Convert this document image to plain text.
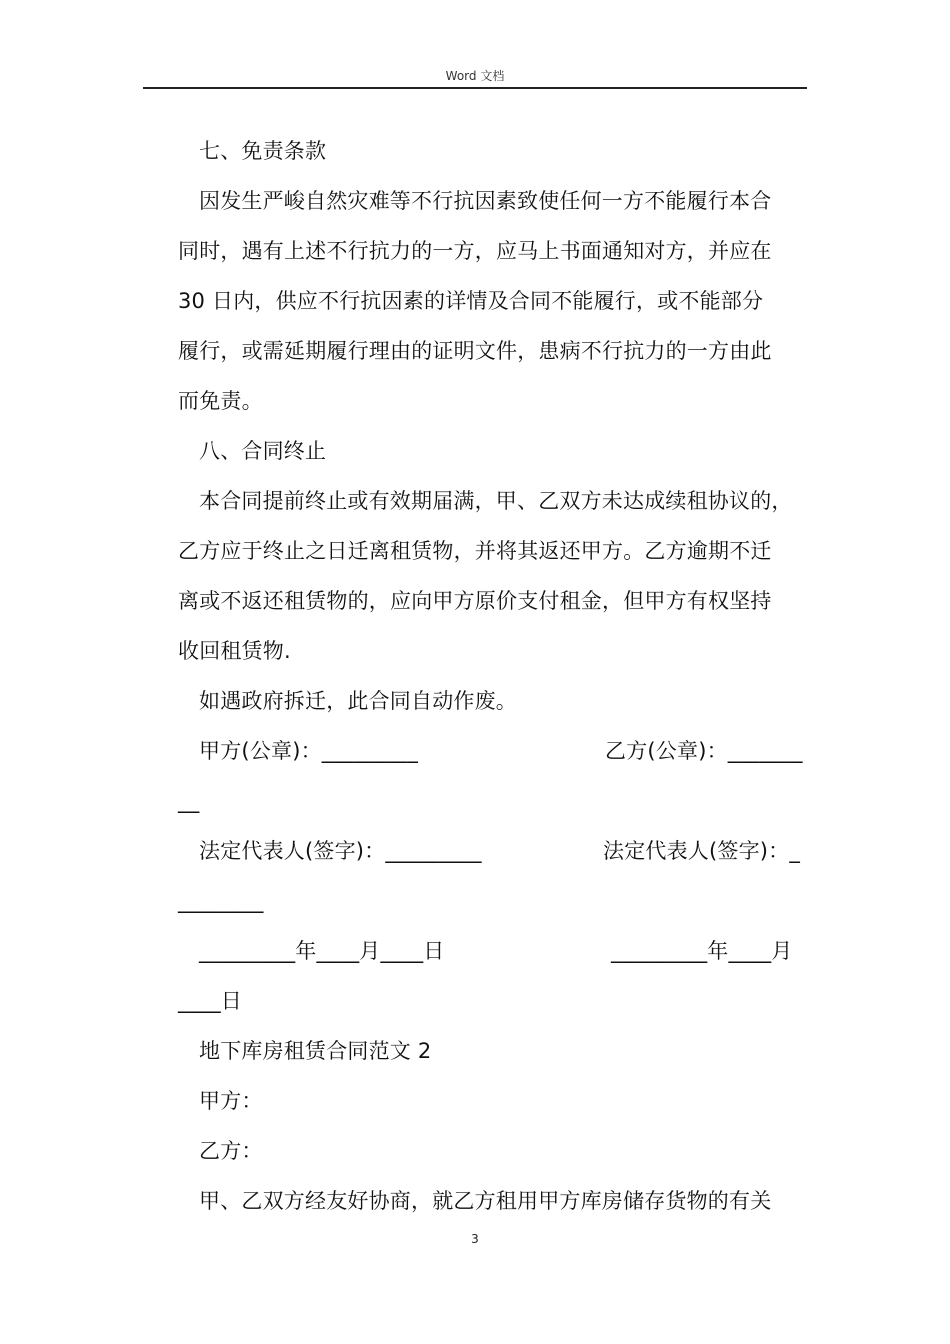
Word 文档
七、免责条款
因发生严峻自然灾难等不行抗因素致使任何一方不能履行本合
同时，遇有上述不行抗力的一方，应马上书面通知对方，并应在
30 日内，供应不行抗因素的详情及合同不能履行，或不能部分
履行，或需延期履行理由的证明文件，患病不行抗力的一方由此
而免责。
八、合同终止
本合同提前终止或有效期届满，甲、乙双方未达成续租协议的，
乙方应于终止之日迁离租赁物，并将其返还甲方。乙方逾期不迁
离或不返还租赁物的，应向甲方原价支付租金，但甲方有权坚持
收回租赁物.
如遇政府拆迁，此合同自动作废。
甲方(公章)：_________	乙方(公章)：_______
__
法定代表人(签字)：_________	法定代表人(签字)：_
________
_________年____月____日	_________年____月
____日
地下库房租赁合同范文 2
甲方：
乙方：
甲、乙双方经友好协商，就乙方租用甲方库房储存货物的有关
3
